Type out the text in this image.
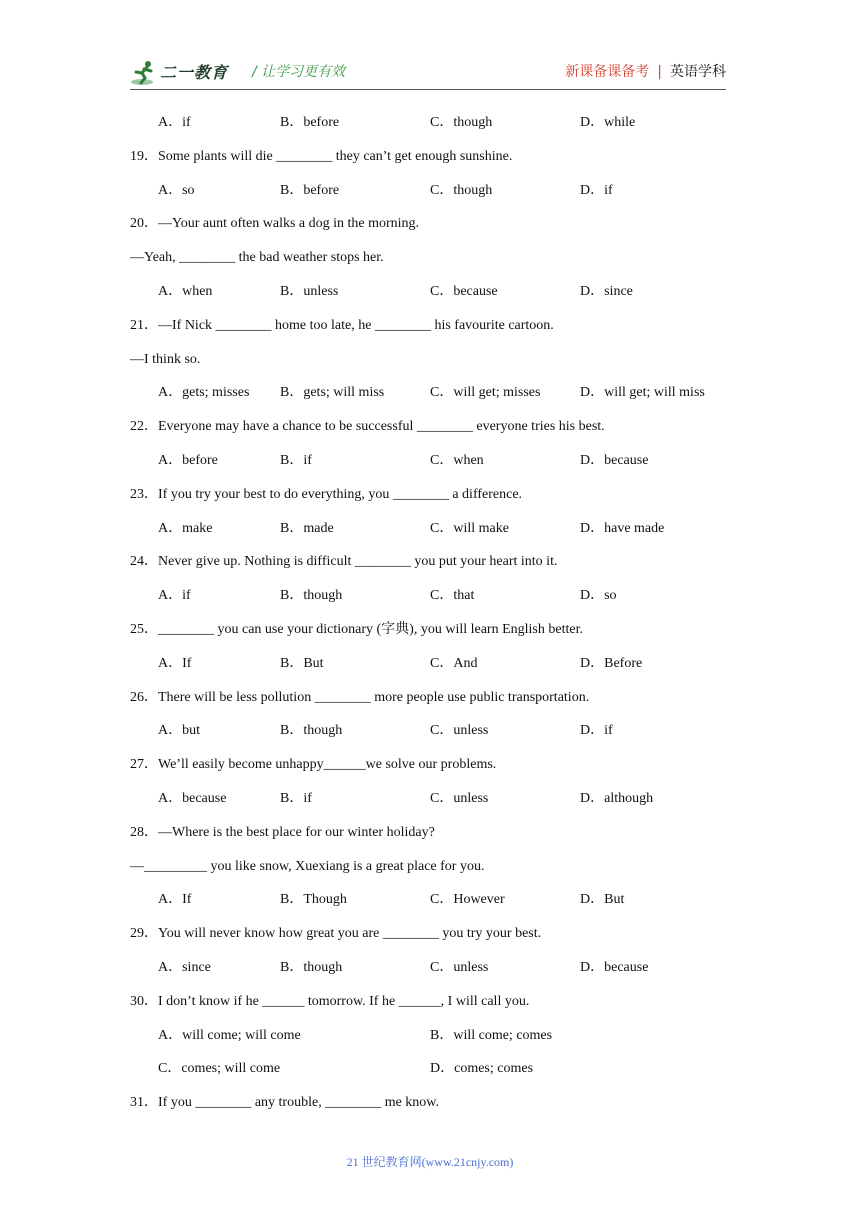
二一教育 / 让学习更有效	新课备课备考 | 英语学科
A．if	B．before	C．though	D．while
19．Some plants will die ________ they can’t get enough sunshine.
A．so	B．before	C．though	D．if
20．—Your aunt often walks a dog in the morning.
—Yeah, ________ the bad weather stops her.
A．when	B．unless	C．because	D．since
21．—If Nick ________ home too late, he ________ his favourite cartoon.
—I think so.
A．gets; misses B．gets; will miss	C．will get; misses	D．will get; will miss
22．Everyone may have a chance to be successful ________ everyone tries his best.
A．before	B．if	C．when	D．because
23．If you try your best to do everything, you ________ a difference.
A．make	B．made	C．will make	D．have made
24．Never give up. Nothing is difficult ________ you put your heart into it.
A．if	B．though	C．that	D．so
25．________ you can use your dictionary (字典), you will learn English better.
A．If	B．But	C．And	D．Before
26．There will be less pollution ________ more people use public transportation.
A．but	B．though	C．unless	D．if
27．We’ll easily become unhappy______we solve our problems.
A．because	B．if	C．unless	D．although
28．—Where is the best place for our winter holiday?
—_________ you like snow, Xuexiang is a great place for you.
A．If	B．Though	C．However	D．But
29．You will never know how great you are ________ you try your best.
A．since	B．though	C．unless	D．because
30．I don’t know if he ______ tomorrow. If he ______, I will call you.
A．will come; will come	B．will come; comes
C．comes; will come	D．comes; comes
31．If you ________ any trouble, ________ me know.
21 世纪教育网(www.21cnjy.com)
